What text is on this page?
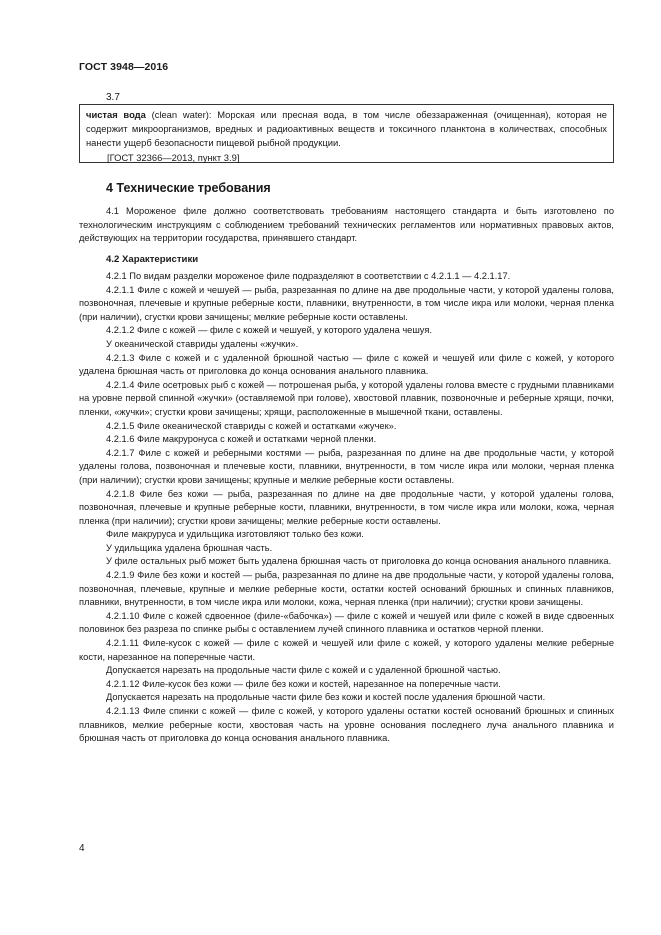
ГОСТ 3948—2016
3.7

чистая вода (clean water): Морская или пресная вода, в том числе обеззараженная (очищенная), которая не содержит микроорганизмов, вредных и радиоактивных веществ и токсичного планктона в количествах, способных нанести ущерб безопасности пищевой рыбной продукции.

[ГОСТ 32366—2013, пункт 3.9]

4 Технические требования

4.1 Мороженое филе должно соответствовать требованиям настоящего стандарта и быть изготовлено по технологическим инструкциям с соблюдением требований технических регламентов или нормативных правовых актов, действующих на территории государства, принявшего стандарт.

4.2 Характеристики

4.2.1 По видам разделки мороженое филе подразделяют в соответствии с 4.2.1.1 — 4.2.1.17.

4.2.1.1 Филе с кожей и чешуей — рыба, разрезанная по длине на две продольные части, у которой удалены голова, позвоночная, плечевые и крупные реберные кости, плавники, внутренности, в том числе икра или молоки, черная пленка (при наличии), сгустки крови зачищены; мелкие реберные кости оставлены.

4.2.1.2 Филе с кожей — филе с кожей и чешуей, у которого удалена чешуя.

У океанической ставриды удалены «жучки».

4.2.1.3 Филе с кожей и с удаленной брюшной частью — филе с кожей и чешуей или филе с кожей, у которого удалена брюшная часть от приголовка до конца основания анального плавника.

4.2.1.4 Филе осетровых рыб с кожей — потрошеная рыба, у которой удалены голова вместе с грудными плавниками на уровне первой спинной «жучки» (оставляемой при голове), хвостовой плавник, позвоночные и реберные хрящи, почки, пленки, «жучки»; сгустки крови зачищены; хрящи, расположенные в мышечной ткани, оставлены.

4.2.1.5 Филе океанической ставриды с кожей и остатками «жучек».

4.2.1.6 Филе макруронуса с кожей и остатками черной пленки.

4.2.1.7 Филе с кожей и реберными костями — рыба, разрезанная по длине на две продольные части, у которой удалены голова, позвоночная и плечевые кости, плавники, внутренности, в том числе икра или молоки, черная пленка (при наличии); сгустки крови зачищены; крупные и мелкие реберные кости оставлены.

4.2.1.8 Филе без кожи — рыба, разрезанная по длине на две продольные части, у которой удалены голова, позвоночная, плечевые и крупные реберные кости, плавники, внутренности, в том числе икра или молоки, кожа, черная пленка (при наличии); сгустки крови зачищены; мелкие реберные кости оставлены.

Филе макруруса и удильщика изготовляют только без кожи.

У удильщика удалена брюшная часть.

У филе остальных рыб может быть удалена брюшная часть от приголовка до конца основания анального плавника.

4.2.1.9 Филе без кожи и костей — рыба, разрезанная по длине на две продольные части, у которой удалены голова, позвоночная, плечевые, крупные и мелкие реберные кости, остатки костей оснований брюшных и спинных плавников, плавники, внутренности, в том числе икра или молоки, кожа, черная пленка (при наличии); сгустки крови зачищены.

4.2.1.10 Филе с кожей сдвоенное (филе-«бабочка») — филе с кожей и чешуей или филе с кожей в виде сдвоенных половинок без разреза по спинке рыбы с оставлением лучей спинного плавника и остатков черной пленки.

4.2.1.11 Филе-кусок с кожей — филе с кожей и чешуей или филе с кожей, у которого удалены мелкие реберные кости, нарезанное на поперечные части.

Допускается нарезать на продольные части филе с кожей и с удаленной брюшной частью.

4.2.1.12 Филе-кусок без кожи — филе без кожи и костей, нарезанное на поперечные части.

Допускается нарезать на продольные части филе без кожи и костей после удаления брюшной части.

4.2.1.13 Филе спинки с кожей — филе с кожей, у которого удалены остатки костей оснований брюшных и спинных плавников, мелкие реберные кости, хвостовая часть на уровне основания последнего луча анального плавника и брюшная часть от приголовка до конца основания анального плавника.

4
